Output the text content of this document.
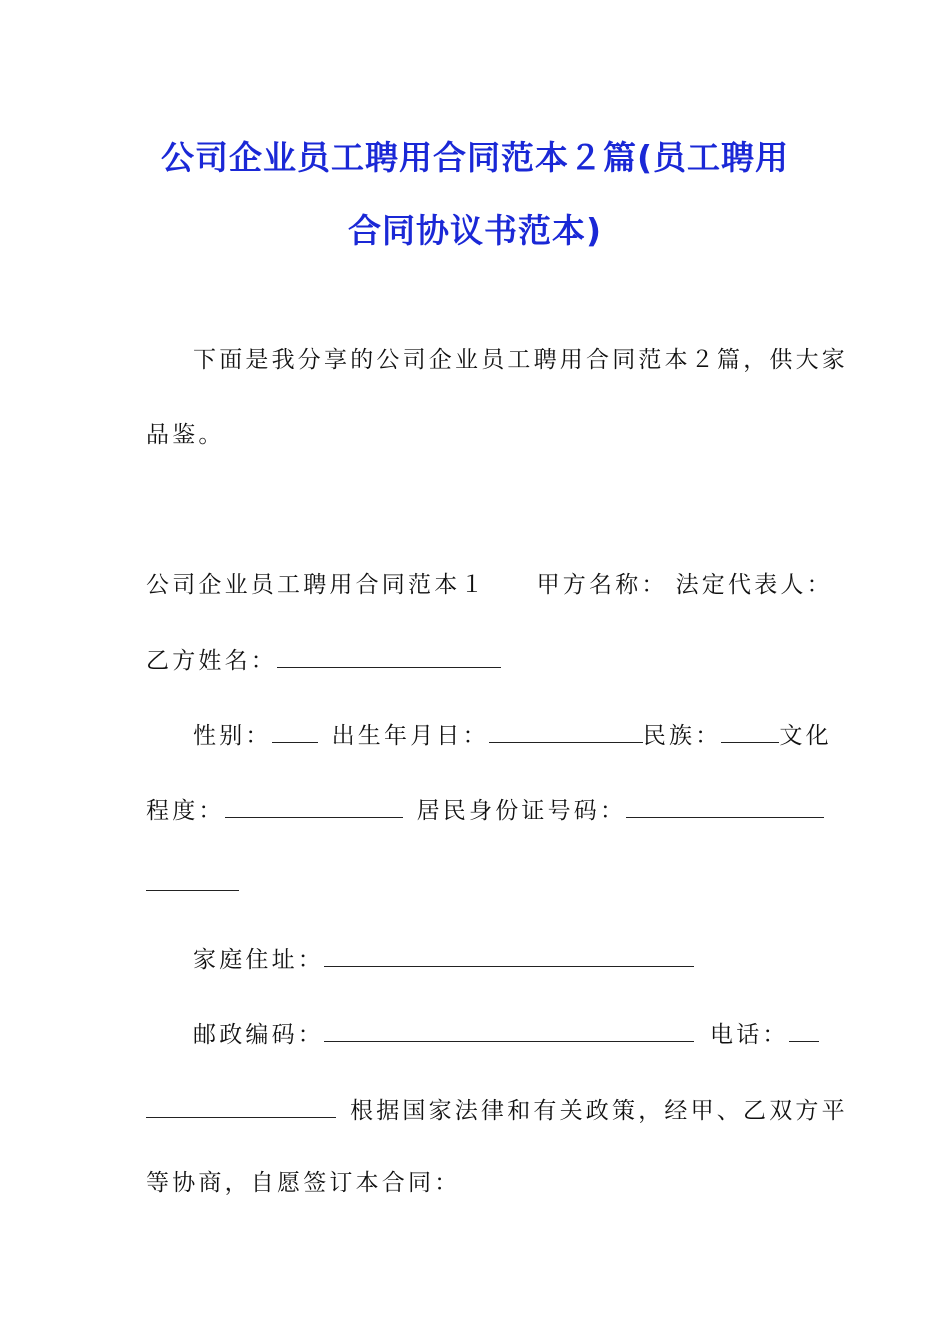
公司企业员工聘用合同范本２篇(员工聘用
合同协议书范本)
下面是我分享的公司企业员工聘用合同范本２篇，供大家
品鉴。
公司企业员工聘用合同范本１ 甲方名称： 法定代表人：
乙方姓名：
性别：	出生年月日：	民族：	文化
程度：	居民身份证号码：
家庭住址：
邮政编码：	电话：
根据国家法律和有关政策，经甲、乙双方平
等协商，自愿签订本合同：
